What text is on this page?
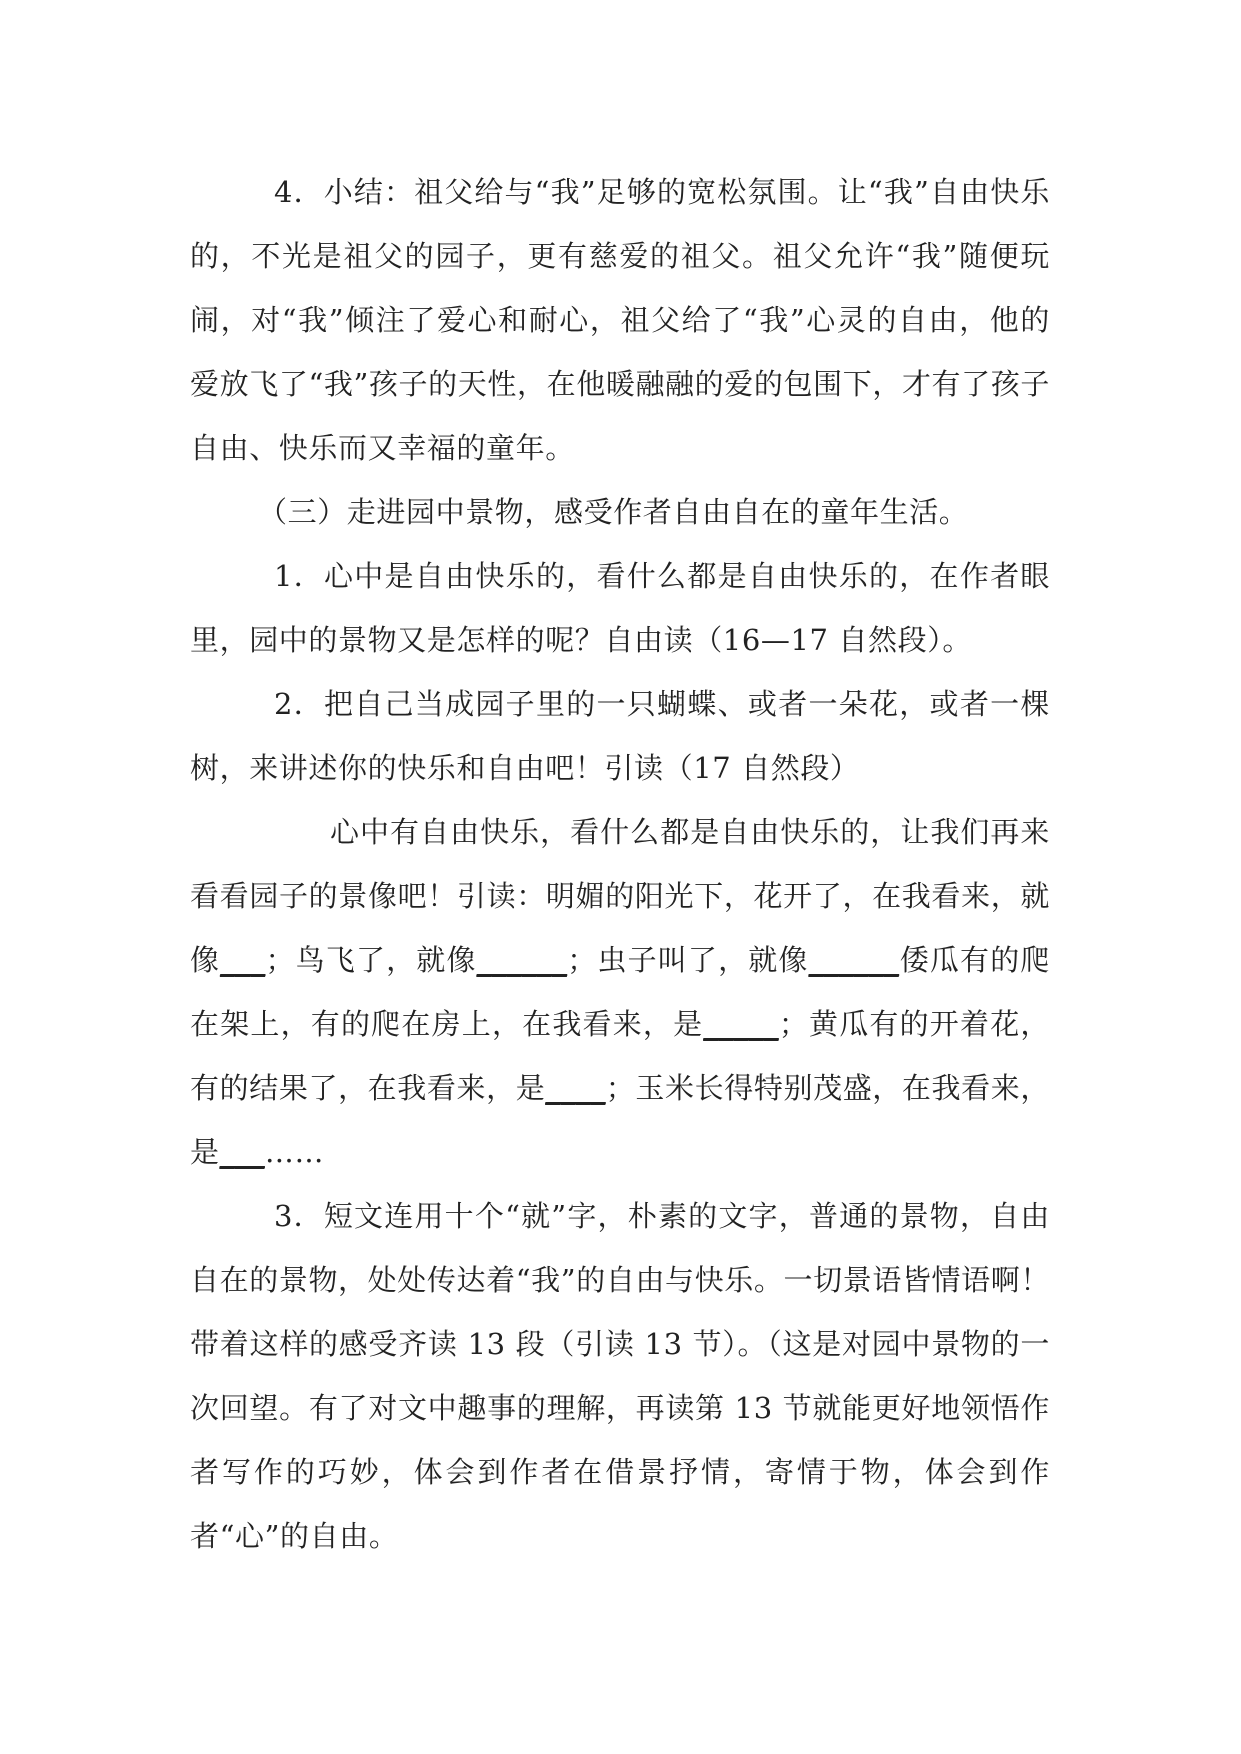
4．小结：祖父给与“我”足够的宽松氛围。让“我”自由快乐的，不光是祖父的园子，更有慈爱的祖父。祖父允许“我”随便玩闹，对“我”倾注了爱心和耐心，祖父给了“我”心灵的自由，他的爱放飞了“我”孩子的天性，在他暖融融的爱的包围下，才有了孩子自由、快乐而又幸福的童年。

（三）走进园中景物，感受作者自由自在的童年生活。

1．心中是自由快乐的，看什么都是自由快乐的，在作者眼里，园中的景物又是怎样的呢？自由读（16—17 自然段）。

2．把自己当成园子里的一只蝴蝶、或者一朵花，或者一棵树，来讲述你的快乐和自由吧！引读（17 自然段）

心中有自由快乐，看什么都是自由快乐的，让我们再来看看园子的景像吧！引读：明媚的阳光下，花开了，在我看来，就像___；鸟飞了，就像______；虫子叫了，就像______倭瓜有的爬在架上，有的爬在房上，在我看来，是_____；黄瓜有的开着花，有的结果了，在我看来，是____；玉米长得特别茂盛，在我看来，是___……

3．短文连用十个“就”字，朴素的文字，普通的景物，自由自在的景物，处处传达着“我”的自由与快乐。一切景语皆情语啊！带着这样的感受齐读 13 段（引读 13 节）。（这是对园中景物的一次回望。有了对文中趣事的理解，再读第 13 节就能更好地领悟作者写作的巧妙，体会到作者在借景抒情，寄情于物，体会到作者“心”的自由。
